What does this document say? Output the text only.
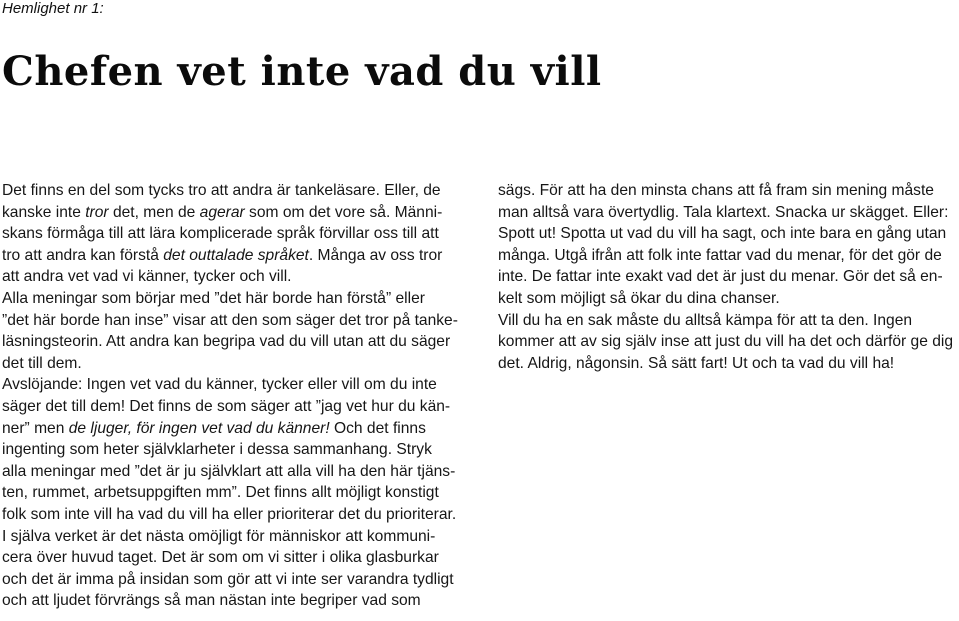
Hemlighet nr 1:
Chefen vet inte vad du vill
Det finns en del som tycks tro att andra är tankeläsare. Eller, de
kanske inte tror det, men de agerar som om det vore så. Männi-
skans förmåga till att lära komplicerade språk förvillar oss till att
tro att andra kan förstå det outtalade språket. Många av oss tror
att andra vet vad vi känner, tycker och vill.
Alla meningar som börjar med ”det här borde han förstå” eller
”det här borde han inse” visar att den som säger det tror på tanke-
läsningsteorin. Att andra kan begripa vad du vill utan att du säger
det till dem.
Avslöjande: Ingen vet vad du känner, tycker eller vill om du inte
säger det till dem! Det finns de som säger att ”jag vet hur du kän-
ner” men de ljuger, för ingen vet vad du känner! Och det finns
ingenting som heter självklarheter i dessa sammanhang. Stryk
alla meningar med ”det är ju självklart att alla vill ha den här tjäns-
ten, rummet, arbetsuppgiften mm”. Det finns allt möjligt konstigt
folk som inte vill ha vad du vill ha eller prioriterar det du prioriterar.
I själva verket är det nästa omöjligt för människor att kommuni-
cera över huvud taget. Det är som om vi sitter i olika glasburkar
och det är imma på insidan som gör att vi inte ser varandra tydligt
och att ljudet förvrängs så man nästan inte begriper vad som
sägs. För att ha den minsta chans att få fram sin mening måste
man alltså vara övertydlig. Tala klartext. Snacka ur skägget. Eller:
Spott ut! Spotta ut vad du vill ha sagt, och inte bara en gång utan
många. Utgå ifrån att folk inte fattar vad du menar, för det gör de
inte. De fattar inte exakt vad det är just du menar. Gör det så en-
kelt som möjligt så ökar du dina chanser.
Vill du ha en sak måste du alltså kämpa för att ta den. Ingen
kommer att av sig själv inse att just du vill ha det och därför ge dig
det. Aldrig, någonsin. Så sätt fart! Ut och ta vad du vill ha!
